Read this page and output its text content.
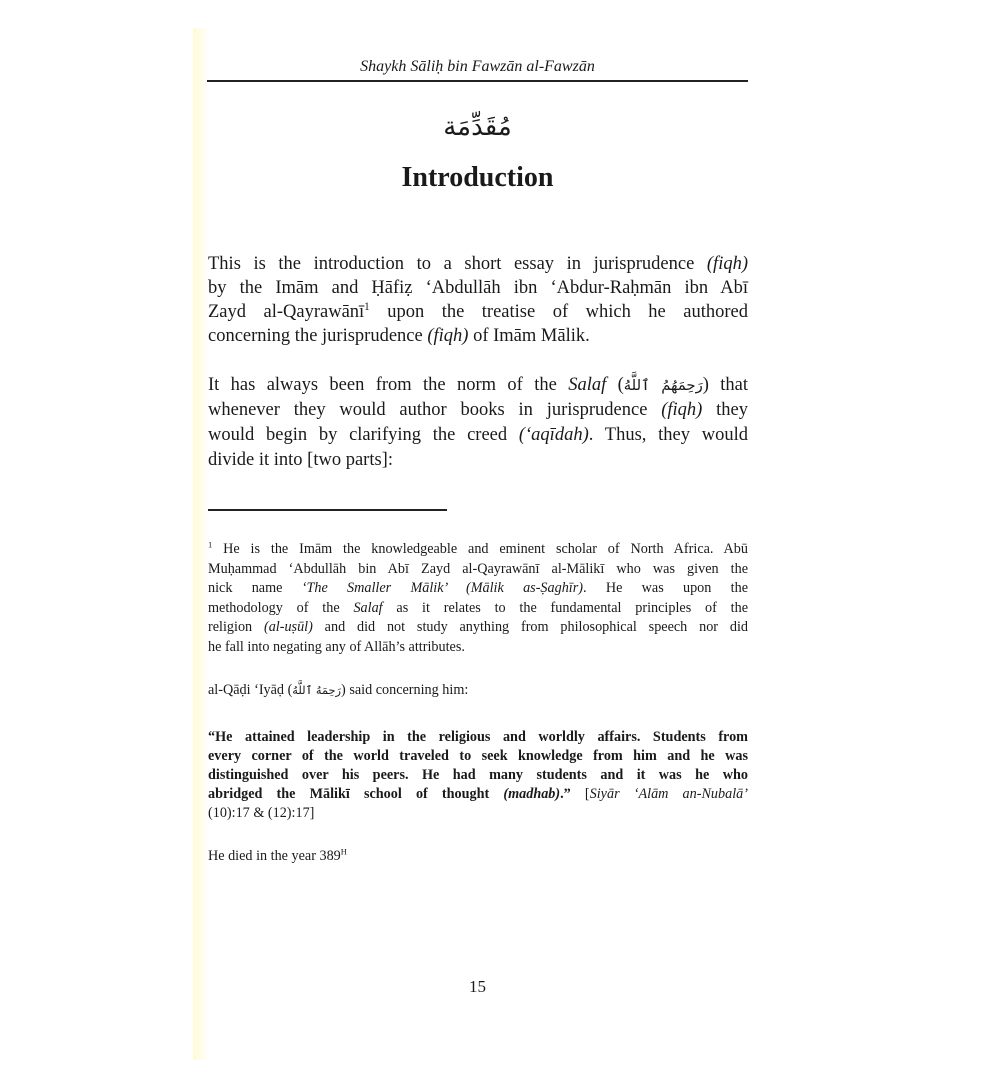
Shaykh Sāliḥ bin Fawzān al-Fawzān
مُقَدِّمَة
Introduction
This is the introduction to a short essay in jurisprudence (fiqh)
by the Imām and Ḥāfiẓ ‘Abdullāh ibn ‘Abdur-Raḥmān ibn Abī
Zayd al-Qayrawānī$^1$ upon the treatise of which he authored
concerning the jurisprudence (fiqh) of Imām Mālik.
It has always been from the norm of the Salaf (رَحِمَهُمُ ٱللَّهُ) that
whenever they would author books in jurisprudence (fiqh) they
would begin by clarifying the creed (‘aqīdah). Thus, they would
divide it into [two parts]:
$^1$ He is the Imām the knowledgeable and eminent scholar of North Africa. Abū
Muḥammad ‘Abdullāh bin Abī Zayd al-Qayrawānī al-Mālikī who was given the
nick name ‘The Smaller Mālik’ (Mālik as-Ṣaghīr). He was upon the
methodology of the Salaf as it relates to the fundamental principles of the
religion (al-uṣūl) and did not study anything from philosophical speech nor did
he fall into negating any of Allāh’s attributes.
al-Qāḍi ‘Iyāḍ (رَحِمَهُ ٱللَّهُ) said concerning him:
“He attained leadership in the religious and worldly affairs. Students from
every corner of the world traveled to seek knowledge from him and he was
distinguished over his peers. He had many students and it was he who
abridged the Mālikī school of thought (madhab).” [Siyār ‘Alām an-Nubalā’
(10):17 & (12):17]
He died in the year $389^H$
15
